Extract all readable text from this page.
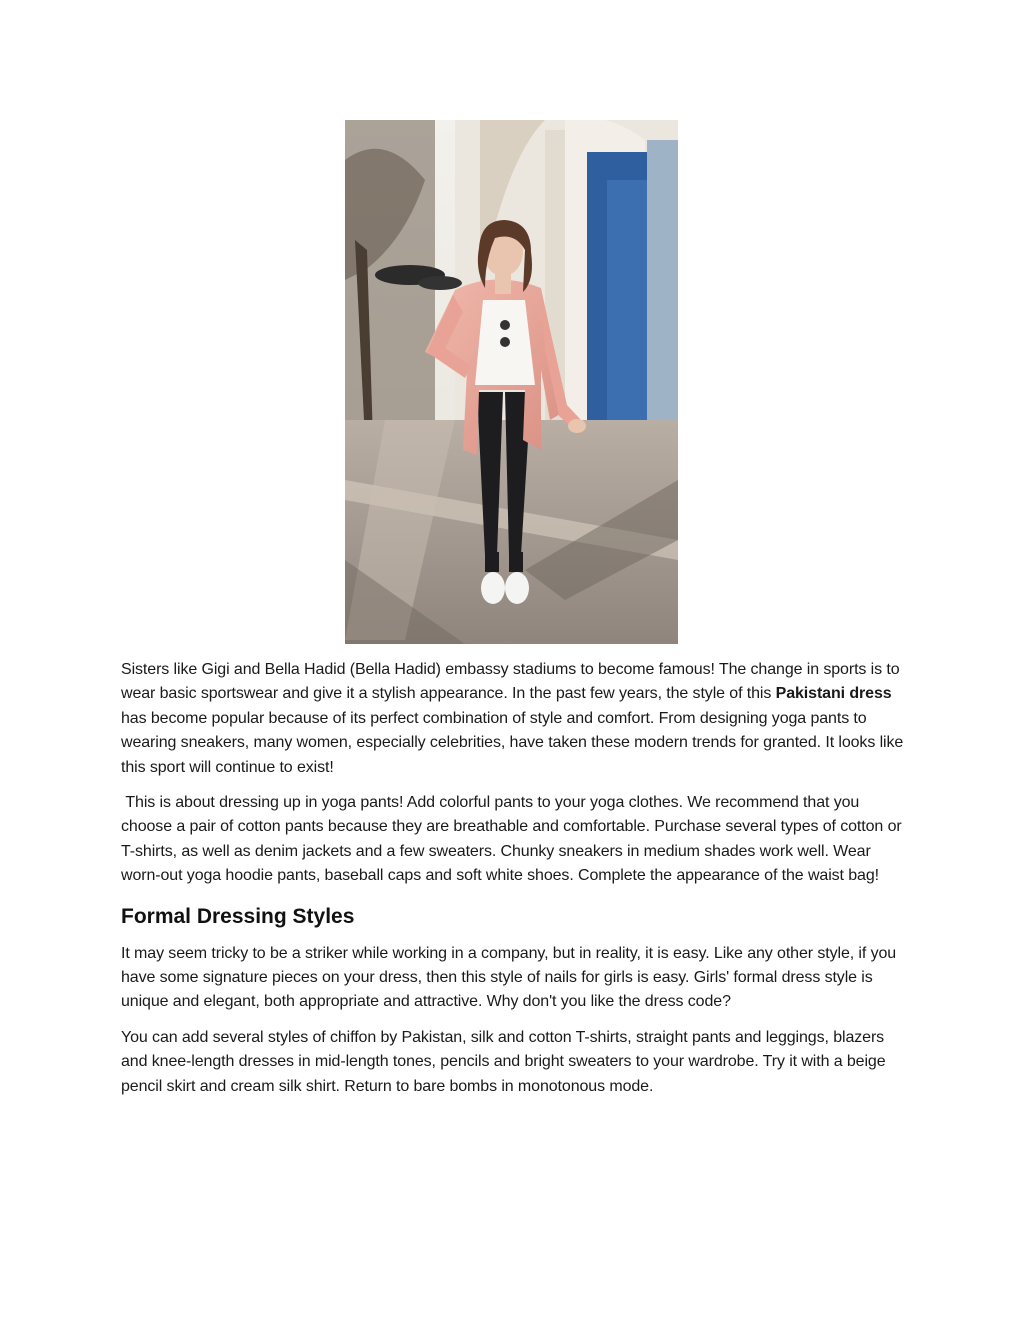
Sisters like Gigi and Bella Hadid (Bella Hadid) embassy stadiums to become famous! The change in sports is to wear basic sportswear and give it a stylish appearance. In the past few years, the style of this Pakistani dress has become popular because of its perfect combination of style and comfort. From designing yoga pants to wearing sneakers, many women, especially celebrities, have taken these modern trends for granted. It looks like this sport will continue to exist!

This is about dressing up in yoga pants! Add colorful pants to your yoga clothes. We recommend that you choose a pair of cotton pants because they are breathable and comfortable. Purchase several types of cotton or T-shirts, as well as denim jackets and a few sweaters. Chunky sneakers in medium shades work well. Wear worn-out yoga hoodie pants, baseball caps and soft white shoes. Complete the appearance of the waist bag!

Formal Dressing Styles

It may seem tricky to be a striker while working in a company, but in reality, it is easy. Like any other style, if you have some signature pieces on your dress, then this style of nails for girls is easy. Girls' formal dress style is unique and elegant, both appropriate and attractive. Why don't you like the dress code?

You can add several styles of chiffon by Pakistan, silk and cotton T-shirts, straight pants and leggings, blazers and knee-length dresses in mid-length tones, pencils and bright sweaters to your wardrobe. Try it with a beige pencil skirt and cream silk shirt. Return to bare bombs in monotonous mode.
